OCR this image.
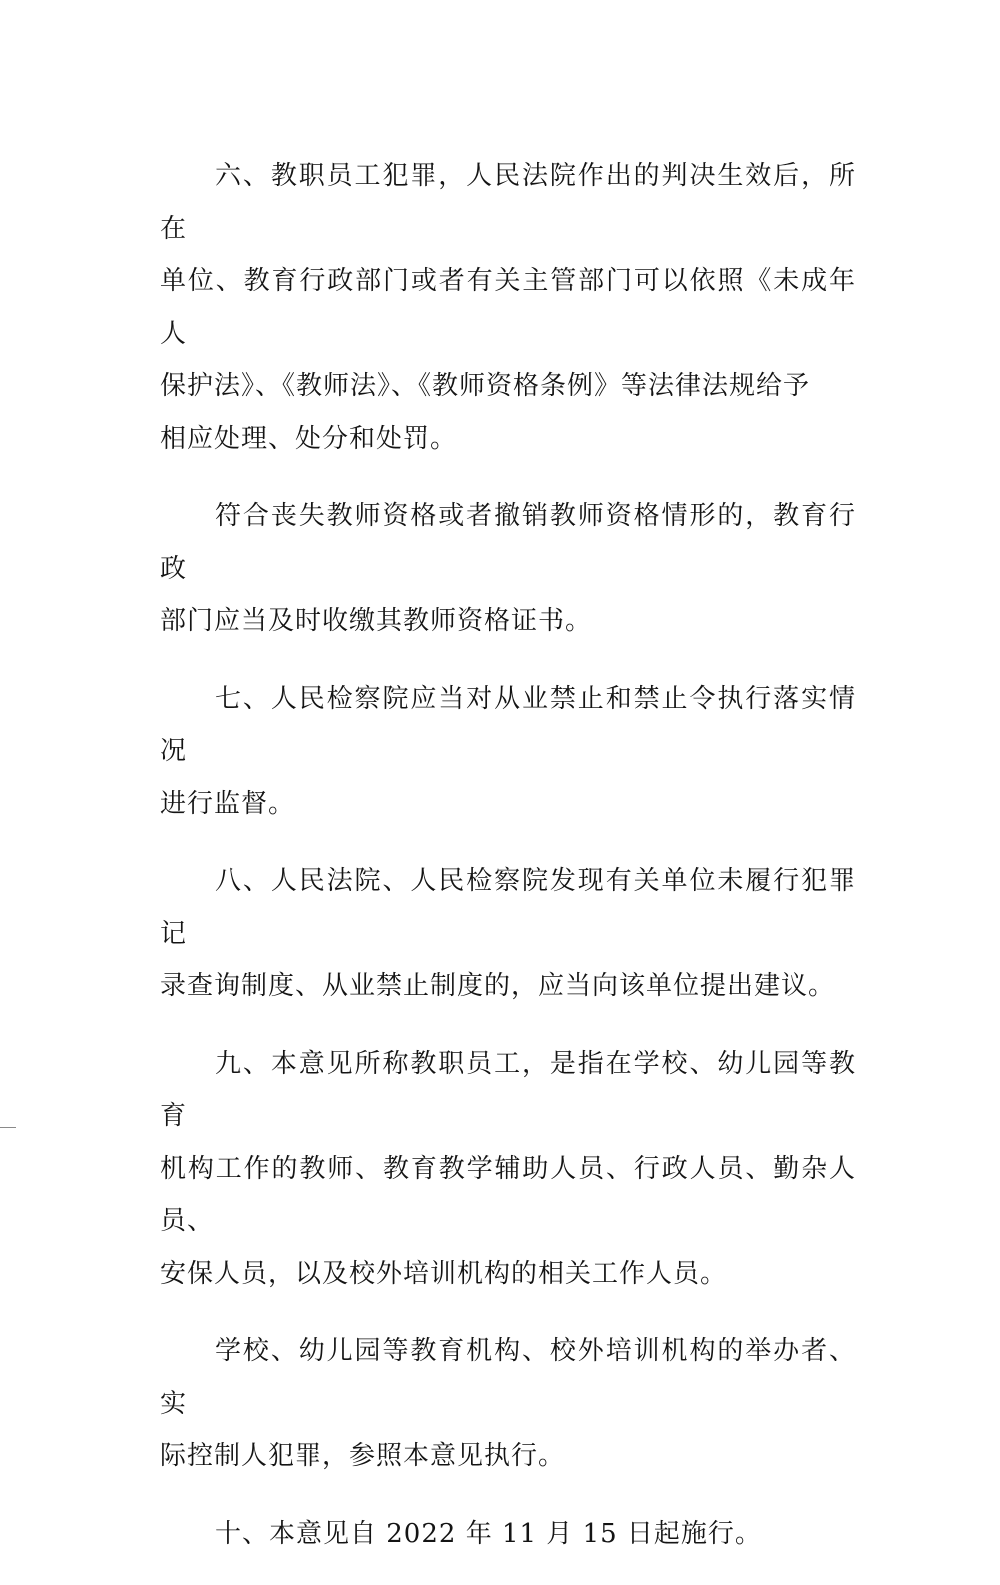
六、教职员工犯罪，人民法院作出的判决生效后，所在
单位、教育行政部门或者有关主管部门可以依照《未成年人
保护法》、《教师法》、《教师资格条例》等法律法规给予
相应处理、处分和处罚。

符合丧失教师资格或者撤销教师资格情形的，教育行政
部门应当及时收缴其教师资格证书。

七、人民检察院应当对从业禁止和禁止令执行落实情况
进行监督。

八、人民法院、人民检察院发现有关单位未履行犯罪记
录查询制度、从业禁止制度的，应当向该单位提出建议。

九、本意见所称教职员工，是指在学校、幼儿园等教育
机构工作的教师、教育教学辅助人员、行政人员、勤杂人员、
安保人员，以及校外培训机构的相关工作人员。

学校、幼儿园等教育机构、校外培训机构的举办者、实
际控制人犯罪，参照本意见执行。

十、本意见自 2022 年 11 月 15 日起施行。
